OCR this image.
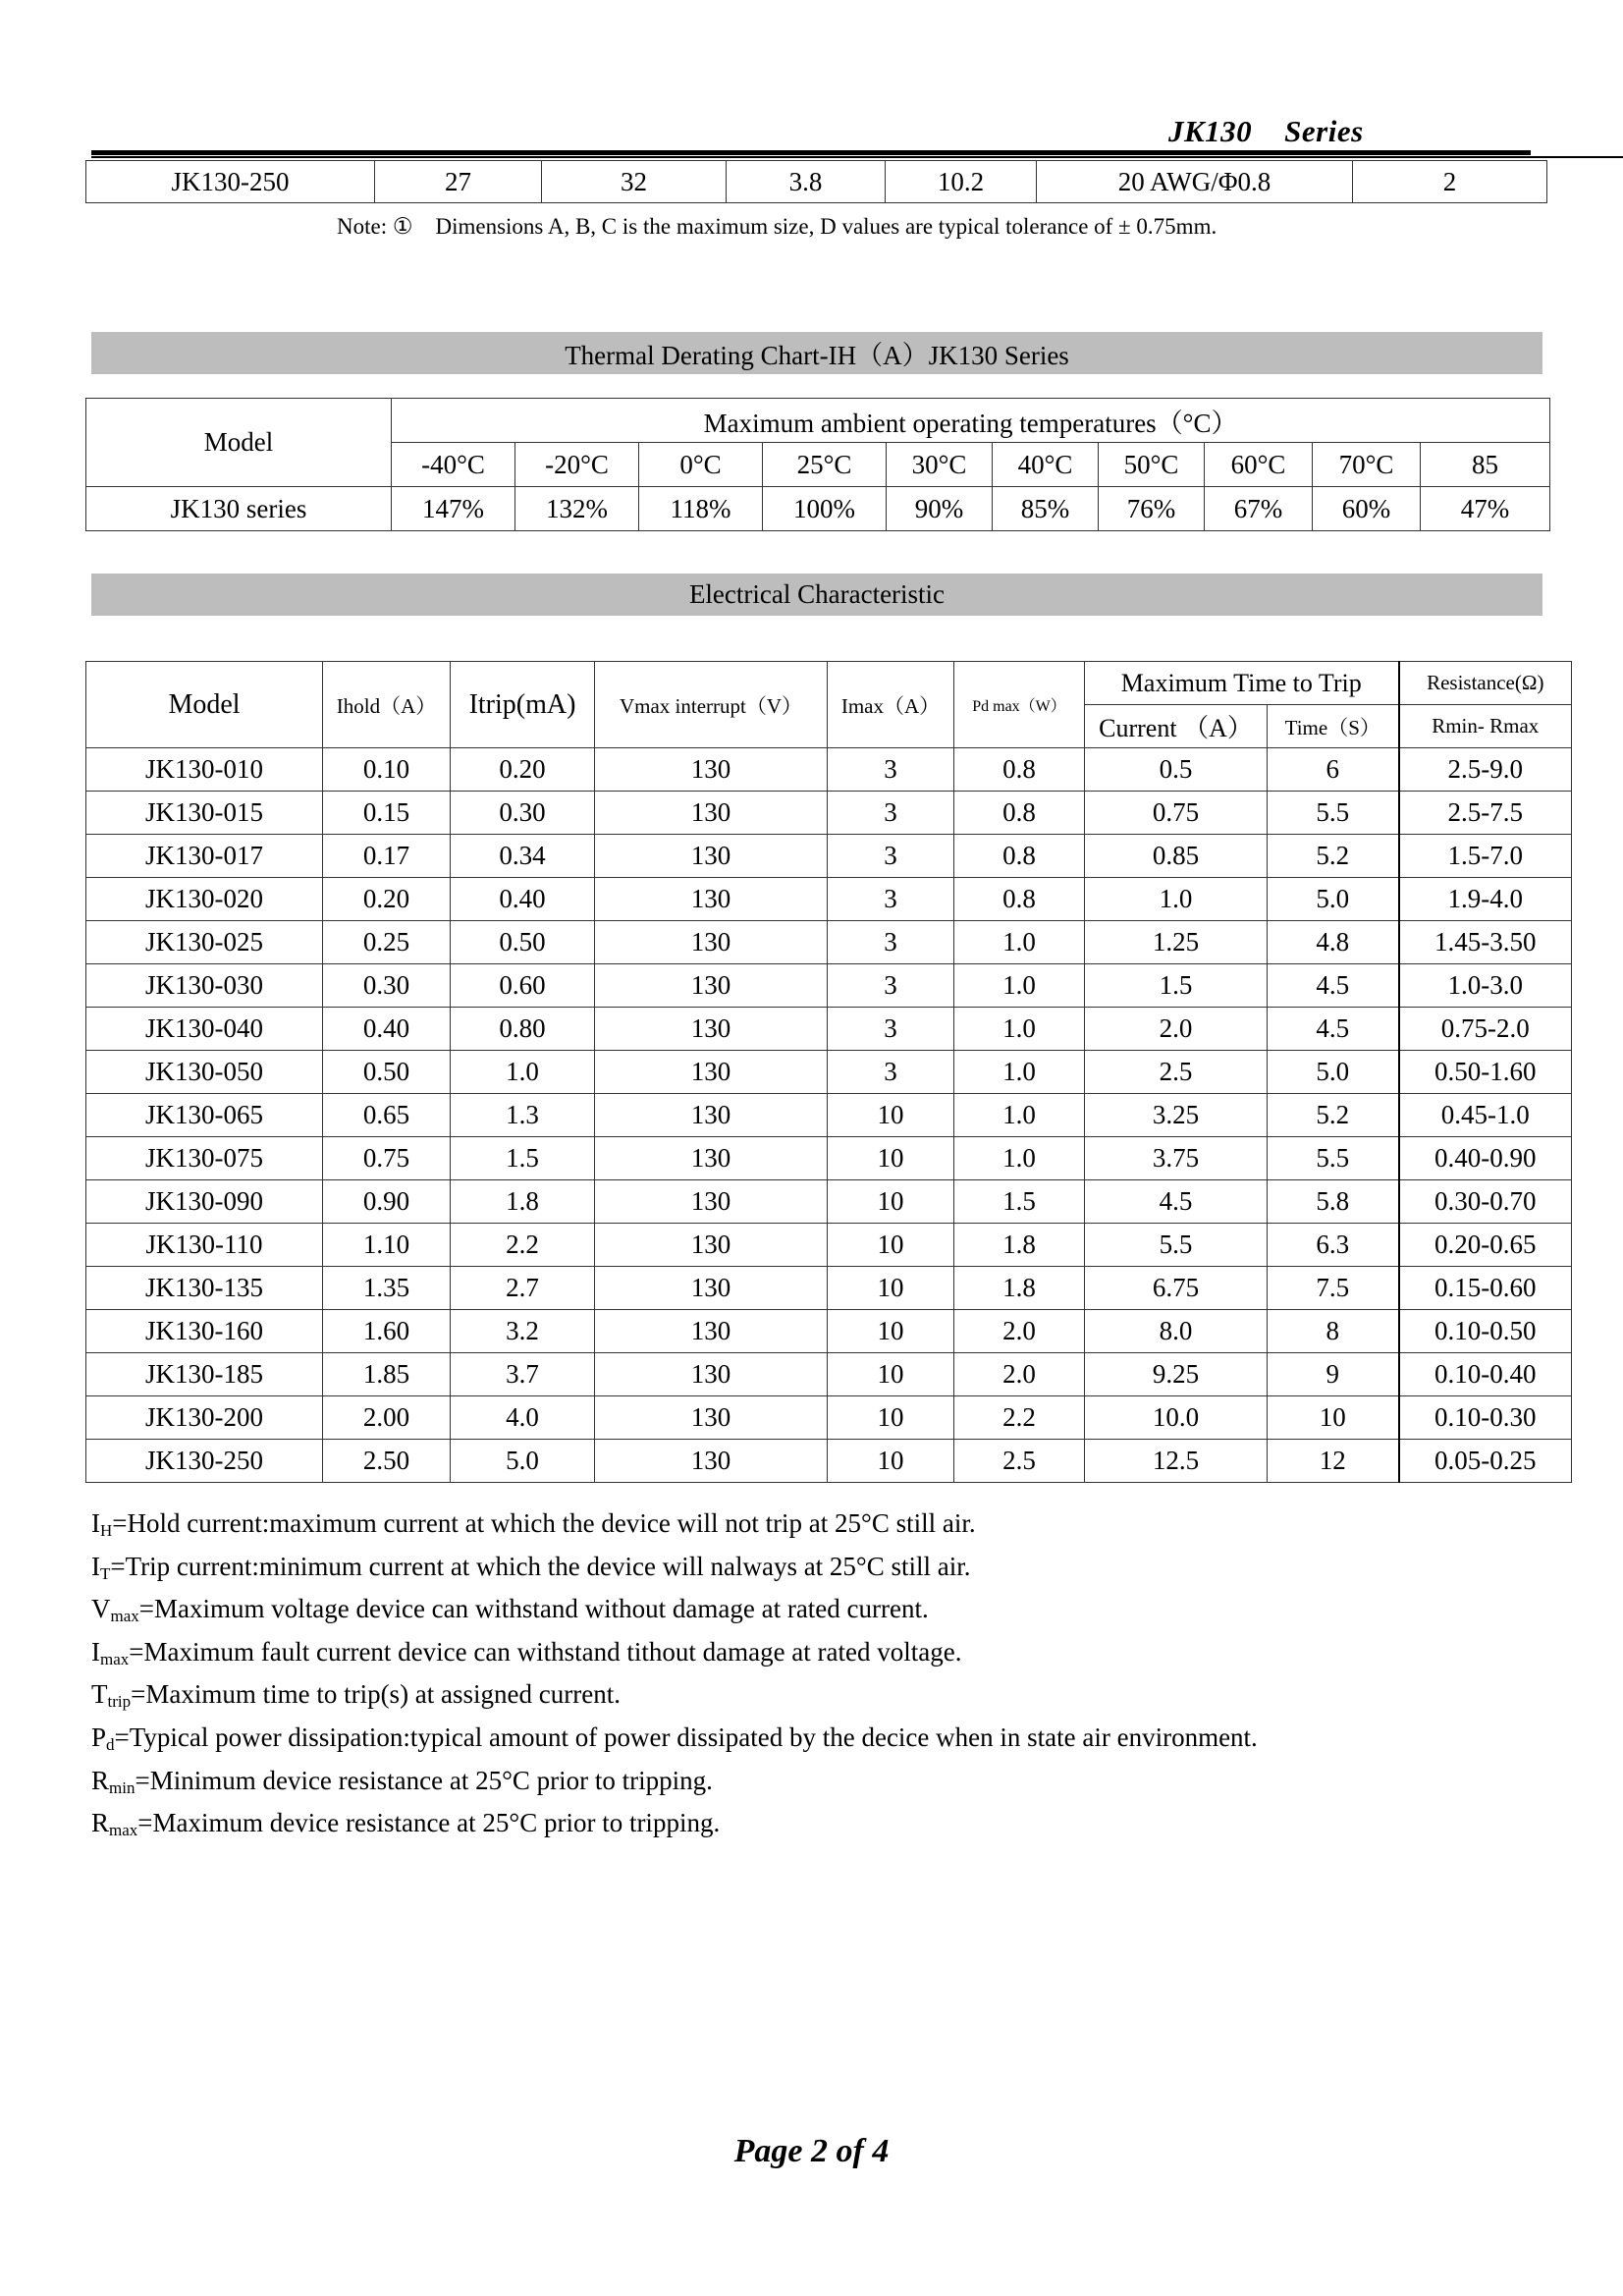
JK130    Series
JK130-250	27	32	3.8	10.2	20 AWG/Φ0.8	2
Note: ①    Dimensions A, B, C is the maximum size, D values are typical tolerance of ± 0.75mm.
Thermal Derating Chart-IH（A）JK130 Series
Model	Maximum ambient operating temperatures（°C）									
	-40°C	-20°C	0°C	25°C	30°C	40°C	50°C	60°C	70°C	85
JK130 series	147%	132%	118%	100%	90%	85%	76%	67%	60%	47%
Electrical Characteristic
Model	Ihold（A）	Itrip(mA)	Vmax interrupt（V）	Imax（A）	Pd max（W）	Maximum Time to Trip		Resistance(Ω)
						Current （A）	Time（S）	Rmin- Rmax
JK130-010	0.10	0.20	130	3	0.8	0.5	6	2.5-9.0
JK130-015	0.15	0.30	130	3	0.8	0.75	5.5	2.5-7.5
JK130-017	0.17	0.34	130	3	0.8	0.85	5.2	1.5-7.0
JK130-020	0.20	0.40	130	3	0.8	1.0	5.0	1.9-4.0
JK130-025	0.25	0.50	130	3	1.0	1.25	4.8	1.45-3.50
JK130-030	0.30	0.60	130	3	1.0	1.5	4.5	1.0-3.0
JK130-040	0.40	0.80	130	3	1.0	2.0	4.5	0.75-2.0
JK130-050	0.50	1.0	130	3	1.0	2.5	5.0	0.50-1.60
JK130-065	0.65	1.3	130	10	1.0	3.25	5.2	0.45-1.0
JK130-075	0.75	1.5	130	10	1.0	3.75	5.5	0.40-0.90
JK130-090	0.90	1.8	130	10	1.5	4.5	5.8	0.30-0.70
JK130-110	1.10	2.2	130	10	1.8	5.5	6.3	0.20-0.65
JK130-135	1.35	2.7	130	10	1.8	6.75	7.5	0.15-0.60
JK130-160	1.60	3.2	130	10	2.0	8.0	8	0.10-0.50
JK130-185	1.85	3.7	130	10	2.0	9.25	9	0.10-0.40
JK130-200	2.00	4.0	130	10	2.2	10.0	10	0.10-0.30
JK130-250	2.50	5.0	130	10	2.5	12.5	12	0.05-0.25
$I_H=Hold$ current:maximum current at which the device will not trip at 25°C still air.
$I_T=Trip$ current:minimum current at which the device will nalways at 25°C still air.
$V_{max}=Maximum$ voltage device can withstand without damage at rated current.
$I_{max}=Maximum$ fault current device can withstand tithout damage at rated voltage.
$T_{trip}=Maximum$ time to trip(s) at assigned current.
$P_d=Typical$ power dissipation:typical amount of power dissipated by the decice when in state air environment.
$R_{min}=Minimum$ device resistance at 25°C prior to tripping.
$R_{max}=Maximum$ device resistance at 25°C prior to tripping.
Page 2 of 4
